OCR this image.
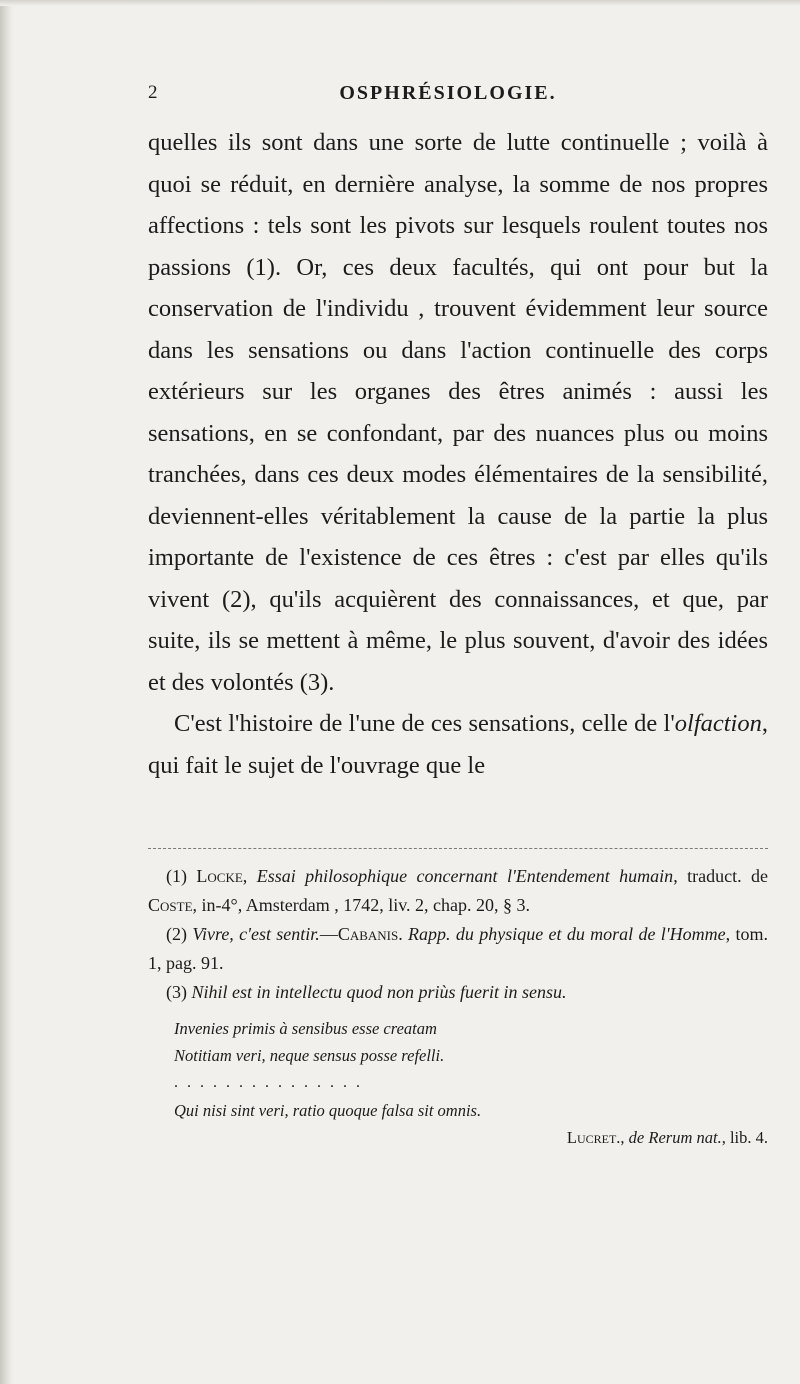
2	OSPHRÉSIOLOGIE.

quelles ils sont dans une sorte de lutte continuelle ; voilà à quoi se réduit, en dernière analyse, la somme de nos propres affections : tels sont les pivots sur lesquels roulent toutes nos passions (1). Or, ces deux facultés, qui ont pour but la conservation de l'individu , trouvent évidemment leur source dans les sensations ou dans l'action continuelle des corps extérieurs sur les organes des êtres animés : aussi les sensations, en se confondant, par des nuances plus ou moins tranchées, dans ces deux modes élémentaires de la sensibilité, deviennent-elles véritablement la cause de la partie la plus importante de l'existence de ces êtres : c'est par elles qu'ils vivent (2), qu'ils acquièrent des connaissances, et que, par suite, ils se mettent à même, le plus souvent, d'avoir des idées et des volontés (3).

C'est l'histoire de l'une de ces sensations, celle de l'olfaction, qui fait le sujet de l'ouvrage que le

(1) Locke, Essai philosophique concernant l'Entendement humain, traduct. de Coste, in-4°, Amsterdam , 1742, liv. 2, chap. 20, § 3.

(2) Vivre, c'est sentir.—Cabanis. Rapp. du physique et du moral de l'Homme, tom. 1, pag. 91.

(3) Nihil est in intellectu quod non priùs fuerit in sensu.

Invenies primis à sensibus esse creatam
Notitiam veri, neque sensus posse refelli.
...............
Qui nisi sint veri, ratio quoque falsa sit omnis.
Lucret., de Rerum nat., lib. 4.
